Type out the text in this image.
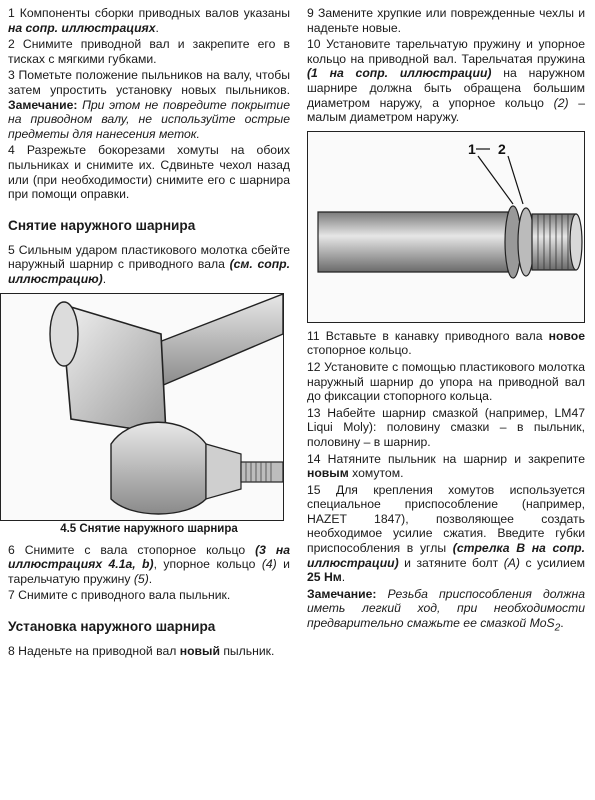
1 Компоненты сборки приводных валов указаны на сопр. иллюстрациях.

2 Снимите приводной вал и закрепите его в тисках с мягкими губками.

3 Пометьте положение пыльников на валу, чтобы затем упростить установку новых пыльников. Замечание: При этом не повредите покрытие на приводном валу, не используйте острые предметы для нанесения меток.

4 Разрежьте бокорезами хомуты на обоих пыльниках и снимите их. Сдвиньте чехол назад или (при необходимости) снимите его с шарнира при помощи оправки.

Снятие наружного шарнира

5 Сильным ударом пластикового молотка сбейте наружный шарнир с приводного вала (см. сопр. иллюстрацию).

4.5 Снятие наружного шарнира

6 Снимите с вала стопорное кольцо (3 на иллюстрациях 4.1a, b), упорное кольцо (4) и тарельчатую пружину (5).

7 Снимите с приводного вала пыльник.

Установка наружного шарнира

8 Наденьте на приводной вал новый пыльник.

9 Замените хрупкие или поврежденные чехлы и наденьте новые.

10 Установите тарельчатую пружину и упорное кольцо на приводной вал. Тарельчатая пружина (1 на сопр. иллюстрации) на наружном шарнире должна быть обращена большим диаметром наружу, а упорное кольцо (2) – малым диаметром наружу.

1 2

11 Вставьте в канавку приводного вала новое стопорное кольцо.

12 Установите с помощью пластикового молотка наружный шарнир до упора на приводной вал до фиксации стопорного кольца.

13 Набейте шарнир смазкой (например, LM47 Liqui Moly): половину смазки – в пыльник, половину – в шарнир.

14 Натяните пыльник на шарнир и закрепите новым хомутом.

15 Для крепления хомутов используется специальное приспособление (например, HAZET 1847), позволяющее создать необходимое усилие сжатия. Введите губки приспособления в углы (стрелка B на сопр. иллюстрации) и затяните болт (A) с усилием 25 Нм.

Замечание: Резьба приспособления должна иметь легкий ход, при необходимости предварительно смажьте ее смазкой MoS$_2$.
